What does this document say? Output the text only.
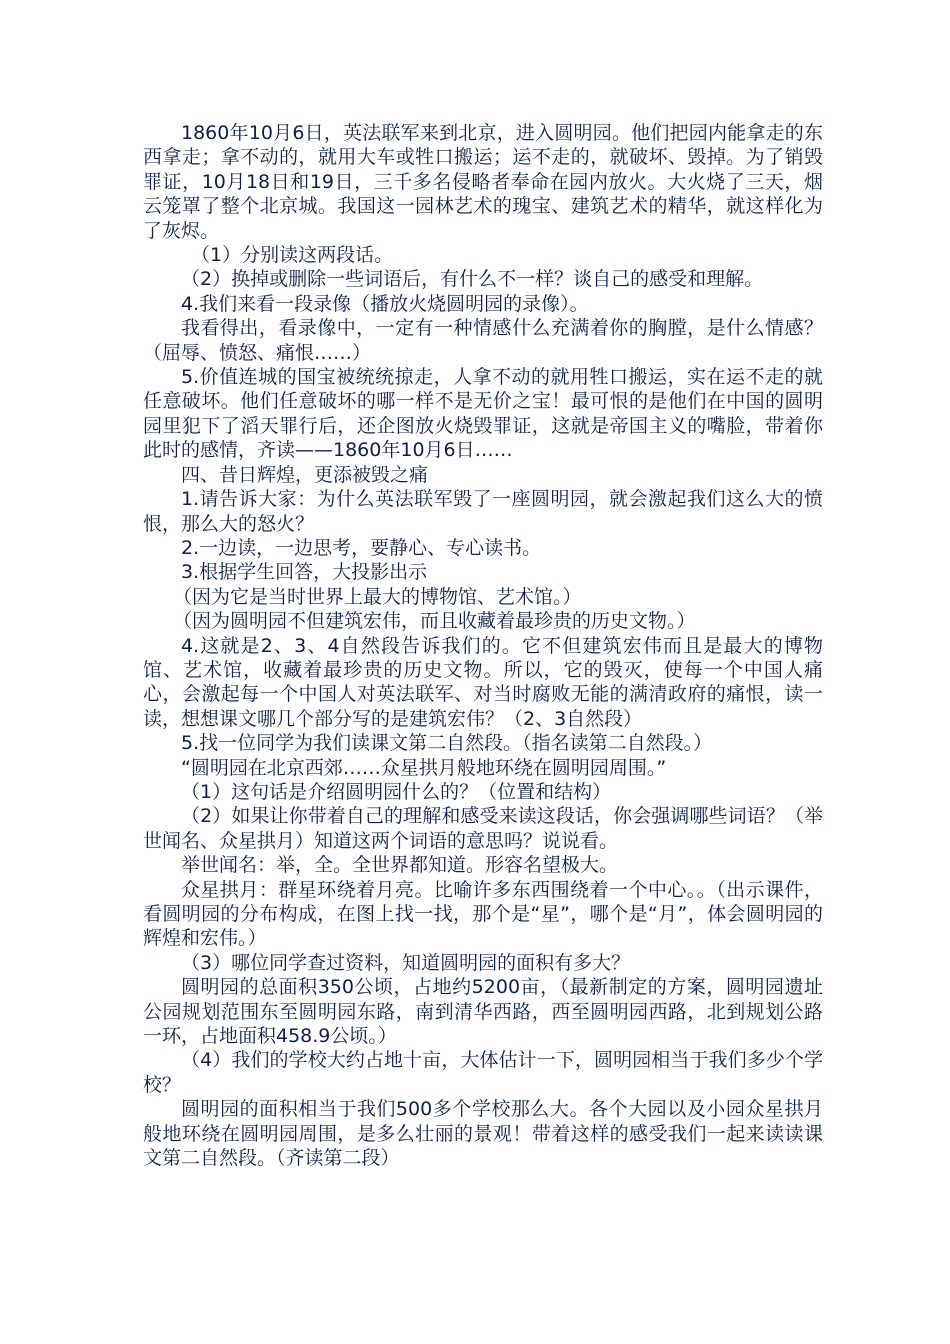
1860年10月6日，英法联军来到北京，进入圆明园。他们把园内能拿走的东西拿走；拿不动的，就用大车或牲口搬运；运不走的，就破坏、毁掉。为了销毁罪证，10月18日和19日，三千多名侵略者奉命在园内放火。大火烧了三天，烟云笼罩了整个北京城。我国这一园林艺术的瑰宝、建筑艺术的精华，就这样化为了灰烬。

（1）分别读这两段话。

（2）换掉或删除一些词语后，有什么不一样？谈自己的感受和理解。

4.我们来看一段录像（播放火烧圆明园的录像）。

我看得出，看录像中，一定有一种情感什么充满着你的胸膛，是什么情感？（屈辱、愤怒、痛恨……）

5.价值连城的国宝被统统掠走，人拿不动的就用牲口搬运，实在运不走的就任意破坏。他们任意破坏的哪一样不是无价之宝！最可恨的是他们在中国的圆明园里犯下了滔天罪行后，还企图放火烧毁罪证，这就是帝国主义的嘴脸，带着你此时的感情，齐读——1860年10月6日……

四、昔日辉煌，更添被毁之痛

1.请告诉大家：为什么英法联军毁了一座圆明园，就会激起我们这么大的愤恨，那么大的怒火？

2.一边读，一边思考，要静心、专心读书。

3.根据学生回答，大投影出示

（因为它是当时世界上最大的博物馆、艺术馆。）

（因为圆明园不但建筑宏伟，而且收藏着最珍贵的历史文物。）

4.这就是2、3、4自然段告诉我们的。它不但建筑宏伟而且是最大的博物馆、艺术馆，收藏着最珍贵的历史文物。所以，它的毁灭，使每一个中国人痛心，会激起每一个中国人对英法联军、对当时腐败无能的满清政府的痛恨，读一读，想想课文哪几个部分写的是建筑宏伟？（2、3自然段）

5.找一位同学为我们读课文第二自然段。（指名读第二自然段。）

“圆明园在北京西郊……众星拱月般地环绕在圆明园周围。”

（1）这句话是介绍圆明园什么的？（位置和结构）

（2）如果让你带着自己的理解和感受来读这段话，你会强调哪些词语？（举世闻名、众星拱月）知道这两个词语的意思吗？说说看。

举世闻名：举，全。全世界都知道。形容名望极大。

众星拱月：群星环绕着月亮。比喻许多东西围绕着一个中心。。（出示课件，看圆明园的分布构成，在图上找一找，那个是“星”，哪个是“月”，体会圆明园的辉煌和宏伟。）

（3）哪位同学查过资料，知道圆明园的面积有多大？

圆明园的总面积350公顷，占地约5200亩，（最新制定的方案，圆明园遗址公园规划范围东至圆明园东路，南到清华西路，西至圆明园西路，北到规划公路一环，占地面积458.9公顷。）

（4）我们的学校大约占地十亩，大体估计一下，圆明园相当于我们多少个学校？

圆明园的面积相当于我们500多个学校那么大。各个大园以及小园众星拱月般地环绕在圆明园周围，是多么壮丽的景观！带着这样的感受我们一起来读读课文第二自然段。（齐读第二段）
